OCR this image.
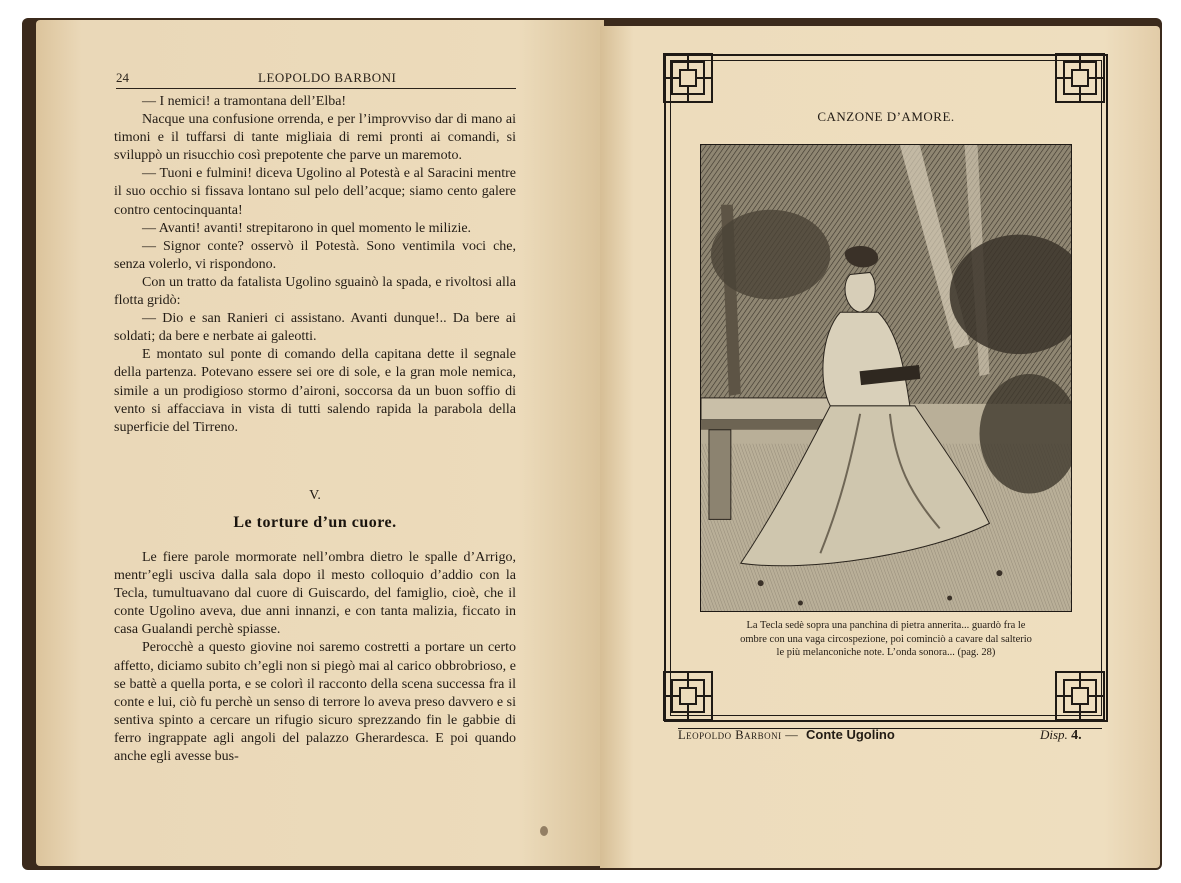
24	LEOPOLDO BARBONI

— I nemici! a tramontana dell’Elba!

Nacque una confusione orrenda, e per l’improvviso dar di mano ai timoni e il tuffarsi di tante migliaia di remi pronti ai comandi, si sviluppò un risucchio così prepotente che parve un maremoto.

— Tuoni e fulmini! diceva Ugolino al Potestà e al Saracini mentre il suo occhio si fissava lontano sul pelo dell’acque; siamo cento galere contro centocinquanta!

— Avanti! avanti! strepitarono in quel momento le milizie.

— Signor conte? osservò il Potestà. Sono ventimila voci che, senza volerlo, vi rispondono.

Con un tratto da fatalista Ugolino sguainò la spada, e rivoltosi alla flotta gridò:

— Dio e san Ranieri ci assistano. Avanti dunque!.. Da bere ai soldati; da bere e nerbate ai galeotti.

E montato sul ponte di comando della capitana dette il segnale della partenza. Potevano essere sei ore di sole, e la gran mole nemica, simile a un prodigioso stormo d’aironi, soccorsa da un buon soffio di vento si affacciava in vista di tutti salendo rapida la parabola della superficie del Tirreno.

V.
Le torture d’un cuore.

Le fiere parole mormorate nell’ombra dietro le spalle d’Arrigo, mentr’egli usciva dalla sala dopo il mesto colloquio d’addio con la Tecla, tumultuavano dal cuore di Guiscardo, del famiglio, cioè, che il conte Ugolino aveva, due anni innanzi, e con tanta malizia, ficcato in casa Gualandi perchè spiasse.

Perocchè a questo giovine noi saremo costretti a portare un certo affetto, diciamo subito ch’egli non si piegò mai al carico obbrobrioso, e se battè a quella porta, e se colorì il racconto della scena successa fra il conte e lui, ciò fu perchè un senso di terrore lo aveva preso davvero e si sentiva spinto a cercare un rifugio sicuro sprezzando fin le gabbie di ferro ingrappate agli angoli del palazzo Gherardesca. E poi quando anche egli avesse bus-

CANZONE D’AMORE.
La Tecla sedè sopra una panchina di pietra annerita... guardò fra le
ombre con una vaga circospezione, poi cominciò a cavare dal salterio
le più melanconiche note. L’onda sonora... (pag. 28)
Leopoldo Barboni — Conte Ugolino	Disp. 4.
